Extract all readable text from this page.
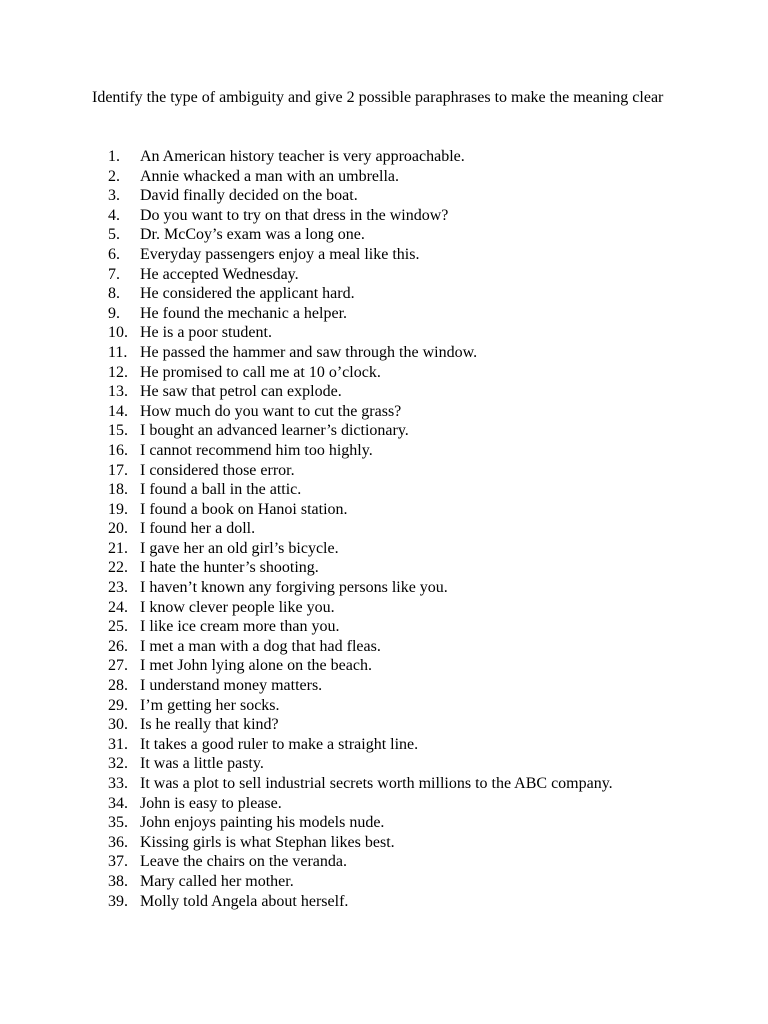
Identify the type of ambiguity and give 2 possible paraphrases to make the meaning clear

1.	An American history teacher is very approachable.
2.	Annie whacked a man with an umbrella.
3.	David finally decided on the boat.
4.	Do you want to try on that dress in the window?
5.	Dr. McCoy’s exam was a long one.
6.	Everyday passengers enjoy a meal like this.
7.	He accepted Wednesday.
8.	He considered the applicant hard.
9.	He found the mechanic a helper.
10. He is a poor student.
11. He passed the hammer and saw through the window.
12. He promised to call me at 10 o’clock.
13. He saw that petrol can explode.
14. How much do you want to cut the grass?
15. I bought an advanced learner’s dictionary.
16. I cannot recommend him too highly.
17. I considered those error.
18. I found a ball in the attic.
19. I found a book on Hanoi station.
20. I found her a doll.
21. I gave her an old girl’s bicycle.
22. I hate the hunter’s shooting.
23. I haven’t known any forgiving persons like you.
24. I know clever people like you.
25. I like ice cream more than you.
26. I met a man with a dog that had fleas.
27. I met John lying alone on the beach.
28. I understand money matters.
29. I’m getting her socks.
30. Is he really that kind?
31. It takes a good ruler to make a straight line.
32. It was a little pasty.
33. It was a plot to sell industrial secrets worth millions to the ABC company.
34. John is easy to please.
35. John enjoys painting his models nude.
36. Kissing girls is what Stephan likes best.
37. Leave the chairs on the veranda.
38. Mary called her mother.
39. Molly told Angela about herself.
